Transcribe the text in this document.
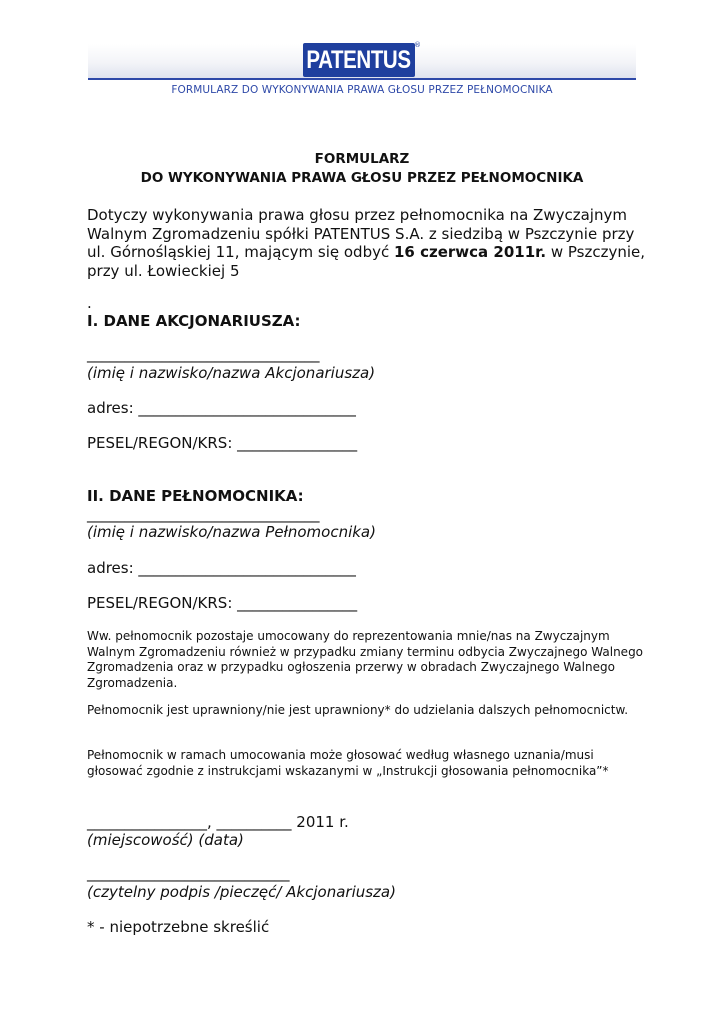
PATENTUS
®
FORMULARZ DO WYKONYWANIA PRAWA GŁOSU PRZEZ PEŁNOMOCNIKA
FORMULARZ
DO WYKONYWANIA PRAWA GŁOSU PRZEZ PEŁNOMOCNIKA
Dotyczy wykonywania prawa głosu przez pełnomocnika na Zwyczajnym Walnym Zgromadzeniu spółki PATENTUS S.A. z siedzibą w Pszczynie przy ul. Górnośląskiej 11, mającym się odbyć 16 czerwca 2011r. w Pszczynie, przy ul. Łowieckiej 5
.
I. DANE AKCJONARIUSZA:
_______________________________
(imię i nazwisko/nazwa Akcjonariusza)
adres: _____________________________
PESEL/REGON/KRS: ________________
II. DANE PEŁNOMOCNIKA:
_______________________________
(imię i nazwisko/nazwa Pełnomocnika)
adres: _____________________________
PESEL/REGON/KRS: ________________
Ww. pełnomocnik pozostaje umocowany do reprezentowania mnie/nas na Zwyczajnym Walnym Zgromadzeniu również w przypadku zmiany terminu odbycia Zwyczajnego Walnego Zgromadzenia oraz w przypadku ogłoszenia przerwy w obradach Zwyczajnego Walnego Zgromadzenia.
Pełnomocnik jest uprawniony/nie jest uprawniony* do udzielania dalszych pełnomocnictw.
Pełnomocnik w ramach umocowania może głosować według własnego uznania/musi głosować zgodnie z instrukcjami wskazanymi w „Instrukcji głosowania pełnomocnika”*
________________, __________ 2011 r.
(miejscowość) (data)
___________________________
(czytelny podpis /pieczęć/ Akcjonariusza)
* - niepotrzebne skreślić
